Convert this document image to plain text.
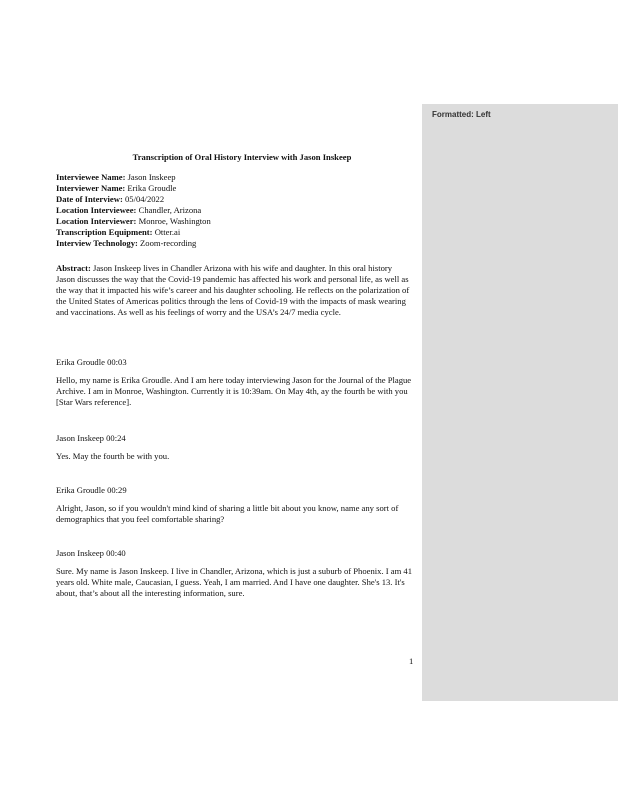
Transcription of Oral History Interview with Jason Inskeep
Interviewee Name: Jason Inskeep
Interviewer Name: Erika Groudle
Date of Interview: 05/04/2022
Location Interviewee: Chandler, Arizona
Location Interviewer: Monroe, Washington
Transcription Equipment: Otter.ai
Interview Technology: Zoom-recording
Abstract: Jason Inskeep lives in Chandler Arizona with his wife and daughter. In this oral history Jason discusses the way that the Covid-19 pandemic has affected his work and personal life, as well as the way that it impacted his wife’s career and his daughter schooling. He reflects on the polarization of the United States of Americas politics through the lens of Covid-19 with the impacts of mask wearing and vaccinations. As well as his feelings of worry and the USA’s 24/7 media cycle.
Erika Groudle 00:03
Hello, my name is Erika Groudle. And I am here today interviewing Jason for the Journal of the Plague Archive. I am in Monroe, Washington. Currently it is 10:39am. On May 4th, ay the fourth be with you [Star Wars reference].
Jason Inskeep 00:24
Yes. May the fourth be with you.
Erika Groudle 00:29
Alright, Jason, so if you wouldn't mind kind of sharing a little bit about you know, name any sort of demographics that you feel comfortable sharing?
Jason Inskeep 00:40
Sure. My name is Jason Inskeep. I live in Chandler, Arizona, which is just a suburb of Phoenix. I am 41 years old. White male, Caucasian, I guess. Yeah, I am married. And I have one daughter. She's 13. It's about, that’s about all the interesting information, sure.
1
Formatted: Left
